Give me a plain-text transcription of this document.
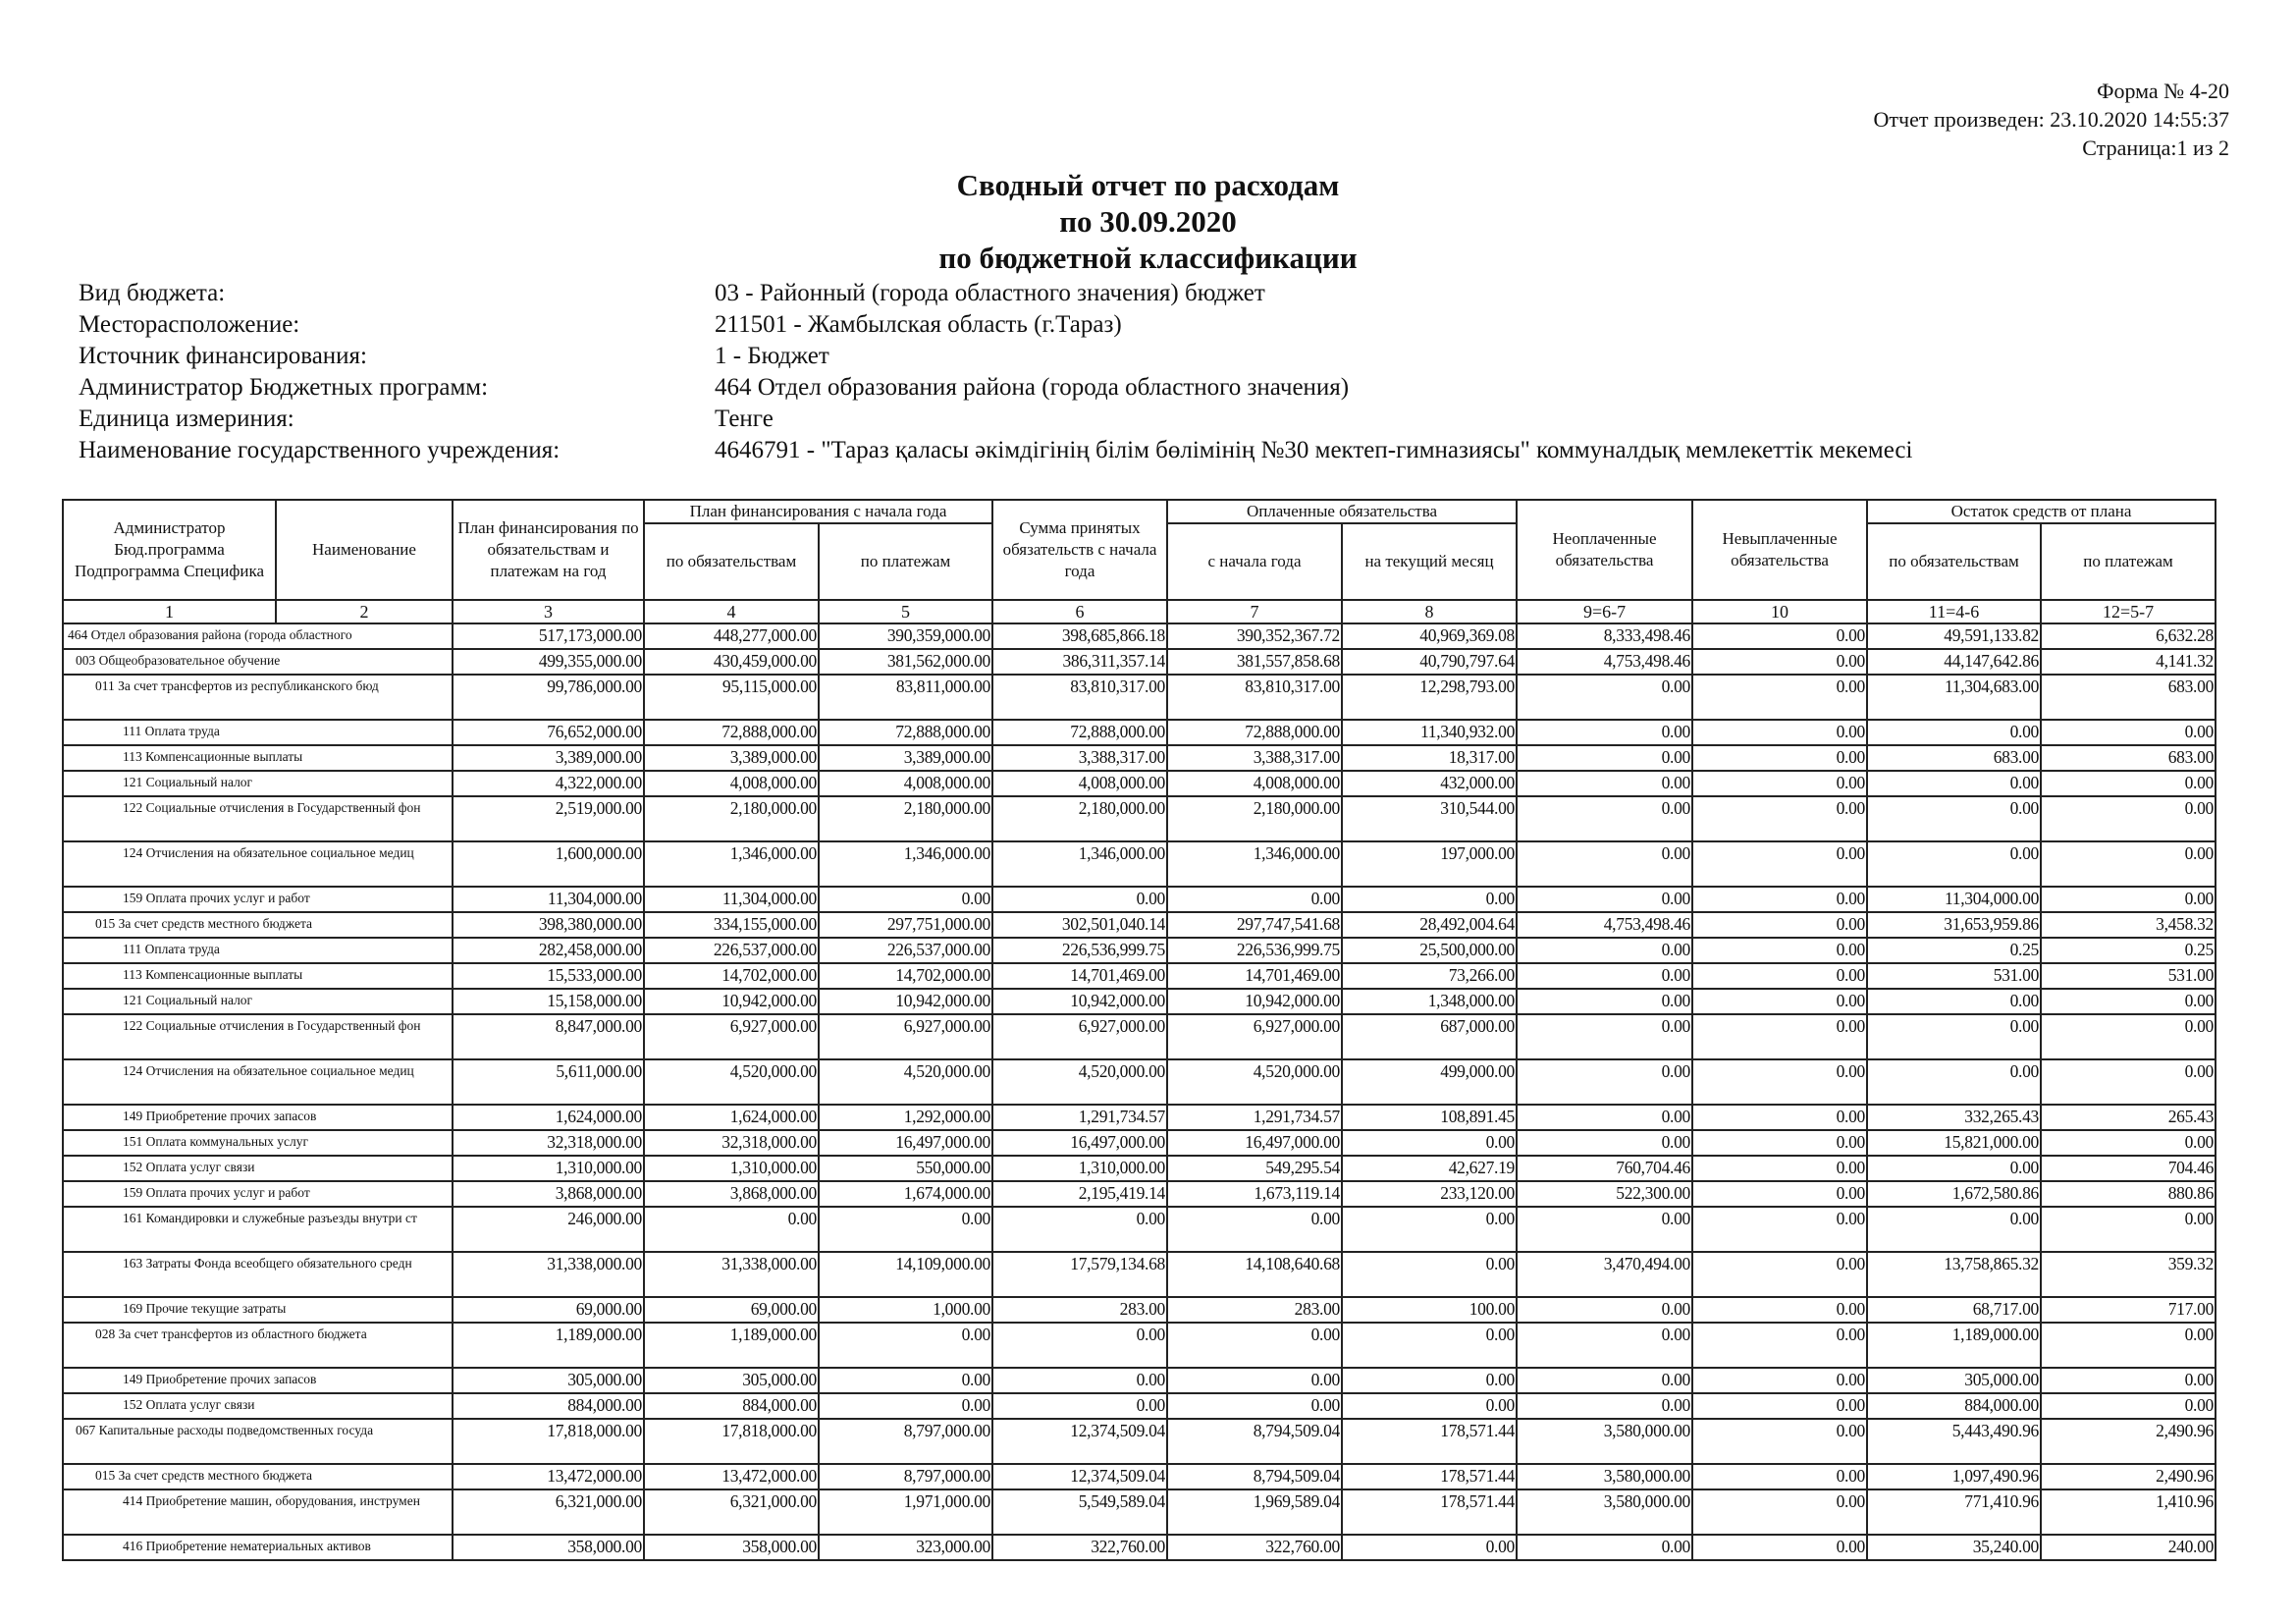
Форма № 4-20
Отчет произведен: 23.10.2020 14:55:37
Страница:1 из 2
Сводный отчет по расходам
по 30.09.2020
по бюджетной классификации
Вид бюджета:	03 - Районный (города областного значения) бюджет
Месторасположение:	211501 - Жамбылская область (г.Тараз)
Источник финансирования:	1 - Бюджет
Администратор Бюджетных программ:	464 Отдел образования района (города областного значения)
Единица измериния:	Тенге
Наименование государственного учреждения:	4646791 - "Тараз қаласы әкімдігінің білім бөлімінің №30 мектеп-гимназиясы" коммуналдық мемлекеттік мекемесі
Администратор Бюд.программа Подпрограмма Специфика	Наименование	План финансирования по обязательствам и платежам на год	План финансирования с начала года		Сумма принятых обязательств с начала года	Оплаченные обязательства		Неоплаченные обязательства	Невыплаченные обязательства	Остаток средств от плана	
			по обязательствам	по платежам		с начала года	на текущий месяц			по обязательствам	по платежам
1	2	3	4	5	6	7	8	9=6-7	10	11=4-6	12=5-7
464 Отдел образования района (города областного		517,173,000.00	448,277,000.00	390,359,000.00	398,685,866.18	390,352,367.72	40,969,369.08	8,333,498.46	0.00	49,591,133.82	6,632.28
003 Общеобразовательное обучение		499,355,000.00	430,459,000.00	381,562,000.00	386,311,357.14	381,557,858.68	40,790,797.64	4,753,498.46	0.00	44,147,642.86	4,141.32
011 За счет трансфертов из республиканского бюд		99,786,000.00	95,115,000.00	83,811,000.00	83,810,317.00	83,810,317.00	12,298,793.00	0.00	0.00	11,304,683.00	683.00
111 Оплата труда		76,652,000.00	72,888,000.00	72,888,000.00	72,888,000.00	72,888,000.00	11,340,932.00	0.00	0.00	0.00	0.00
113 Компенсационные выплаты		3,389,000.00	3,389,000.00	3,389,000.00	3,388,317.00	3,388,317.00	18,317.00	0.00	0.00	683.00	683.00
121 Социальный налог		4,322,000.00	4,008,000.00	4,008,000.00	4,008,000.00	4,008,000.00	432,000.00	0.00	0.00	0.00	0.00
122 Социальные отчисления в Государственный фон		2,519,000.00	2,180,000.00	2,180,000.00	2,180,000.00	2,180,000.00	310,544.00	0.00	0.00	0.00	0.00
124 Отчисления на обязательное социальное медиц		1,600,000.00	1,346,000.00	1,346,000.00	1,346,000.00	1,346,000.00	197,000.00	0.00	0.00	0.00	0.00
159 Оплата прочих услуг и работ		11,304,000.00	11,304,000.00	0.00	0.00	0.00	0.00	0.00	0.00	11,304,000.00	0.00
015 За счет средств местного бюджета		398,380,000.00	334,155,000.00	297,751,000.00	302,501,040.14	297,747,541.68	28,492,004.64	4,753,498.46	0.00	31,653,959.86	3,458.32
111 Оплата труда		282,458,000.00	226,537,000.00	226,537,000.00	226,536,999.75	226,536,999.75	25,500,000.00	0.00	0.00	0.25	0.25
113 Компенсационные выплаты		15,533,000.00	14,702,000.00	14,702,000.00	14,701,469.00	14,701,469.00	73,266.00	0.00	0.00	531.00	531.00
121 Социальный налог		15,158,000.00	10,942,000.00	10,942,000.00	10,942,000.00	10,942,000.00	1,348,000.00	0.00	0.00	0.00	0.00
122 Социальные отчисления в Государственный фон		8,847,000.00	6,927,000.00	6,927,000.00	6,927,000.00	6,927,000.00	687,000.00	0.00	0.00	0.00	0.00
124 Отчисления на обязательное социальное медиц		5,611,000.00	4,520,000.00	4,520,000.00	4,520,000.00	4,520,000.00	499,000.00	0.00	0.00	0.00	0.00
149 Приобретение прочих запасов		1,624,000.00	1,624,000.00	1,292,000.00	1,291,734.57	1,291,734.57	108,891.45	0.00	0.00	332,265.43	265.43
151 Оплата коммунальных услуг		32,318,000.00	32,318,000.00	16,497,000.00	16,497,000.00	16,497,000.00	0.00	0.00	0.00	15,821,000.00	0.00
152 Оплата услуг связи		1,310,000.00	1,310,000.00	550,000.00	1,310,000.00	549,295.54	42,627.19	760,704.46	0.00	0.00	704.46
159 Оплата прочих услуг и работ		3,868,000.00	3,868,000.00	1,674,000.00	2,195,419.14	1,673,119.14	233,120.00	522,300.00	0.00	1,672,580.86	880.86
161 Командировки и служебные разъезды внутри ст		246,000.00	0.00	0.00	0.00	0.00	0.00	0.00	0.00	0.00	0.00
163 Затраты Фонда всеобщего обязательного средн		31,338,000.00	31,338,000.00	14,109,000.00	17,579,134.68	14,108,640.68	0.00	3,470,494.00	0.00	13,758,865.32	359.32
169 Прочие текущие затраты		69,000.00	69,000.00	1,000.00	283.00	283.00	100.00	0.00	0.00	68,717.00	717.00
028 За счет трансфертов из областного бюджета		1,189,000.00	1,189,000.00	0.00	0.00	0.00	0.00	0.00	0.00	1,189,000.00	0.00
149 Приобретение прочих запасов		305,000.00	305,000.00	0.00	0.00	0.00	0.00	0.00	0.00	305,000.00	0.00
152 Оплата услуг связи		884,000.00	884,000.00	0.00	0.00	0.00	0.00	0.00	0.00	884,000.00	0.00
067 Капитальные расходы подведомственных госуда		17,818,000.00	17,818,000.00	8,797,000.00	12,374,509.04	8,794,509.04	178,571.44	3,580,000.00	0.00	5,443,490.96	2,490.96
015 За счет средств местного бюджета		13,472,000.00	13,472,000.00	8,797,000.00	12,374,509.04	8,794,509.04	178,571.44	3,580,000.00	0.00	1,097,490.96	2,490.96
414 Приобретение машин, оборудования, инструмен		6,321,000.00	6,321,000.00	1,971,000.00	5,549,589.04	1,969,589.04	178,571.44	3,580,000.00	0.00	771,410.96	1,410.96
416 Приобретение нематериальных активов		358,000.00	358,000.00	323,000.00	322,760.00	322,760.00	0.00	0.00	0.00	35,240.00	240.00
